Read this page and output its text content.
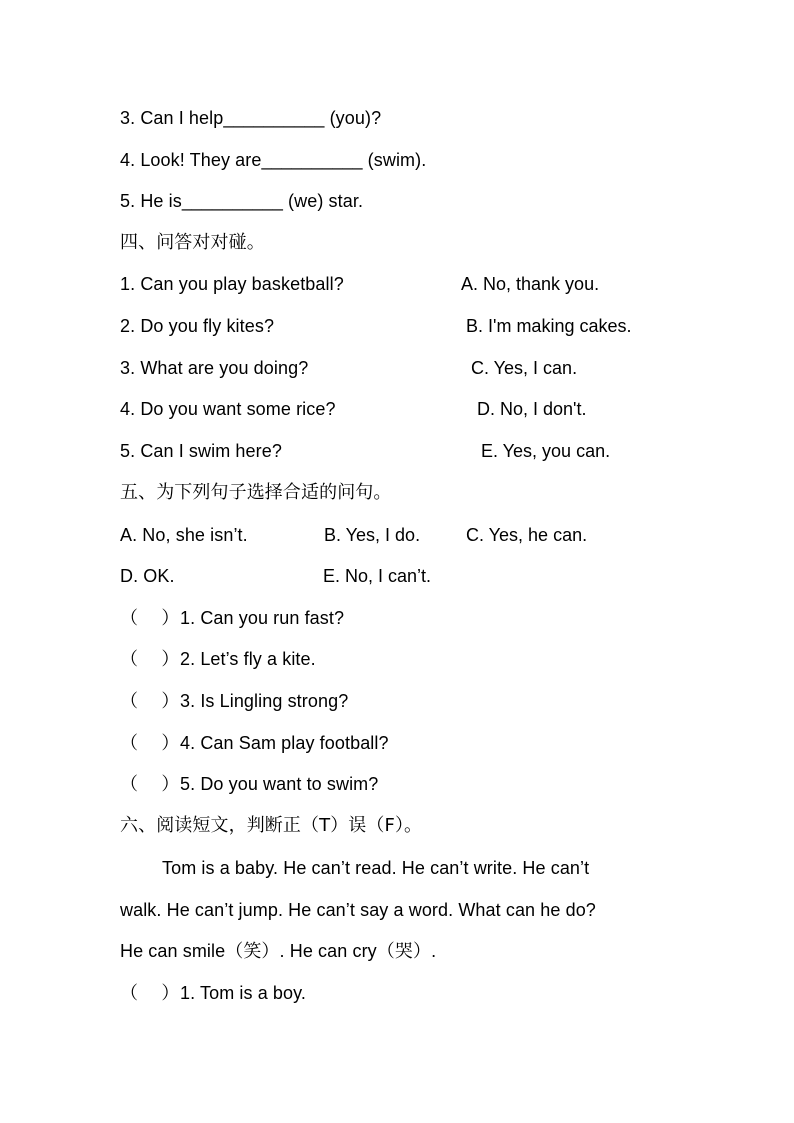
3. Can I help__________ (you)?
4. Look! They are__________ (swim).
5. He is__________ (we) star.
四、问答对对碰。
1. Can you play basketball?	A. No, thank you.
2. Do you fly kites?	B. I'm making cakes.
3. What are you doing?	C. Yes, I can.
4. Do you want some rice?	D. No, I don't.
5. Can I swim here?	E. Yes, you can.
五、为下列句子选择合适的问句。
A. No, she isn’t.	B. Yes, I do.	C. Yes, he can.
D. OK.	E. No, I can’t.
（    ）1. Can you run fast?
（    ）2. Let’s fly a kite.
（    ）3. Is Lingling strong?
（    ）4. Can Sam play football?
（    ）5. Do you want to swim?
六、阅读短文，判断正（T）误（F）。
Tom is a baby. He can’t read. He can’t write. He can’t
walk. He can’t jump. He can’t say a word. What can he do?
He can smile（笑）. He can cry（哭）.
（    ）1. Tom is a boy.
